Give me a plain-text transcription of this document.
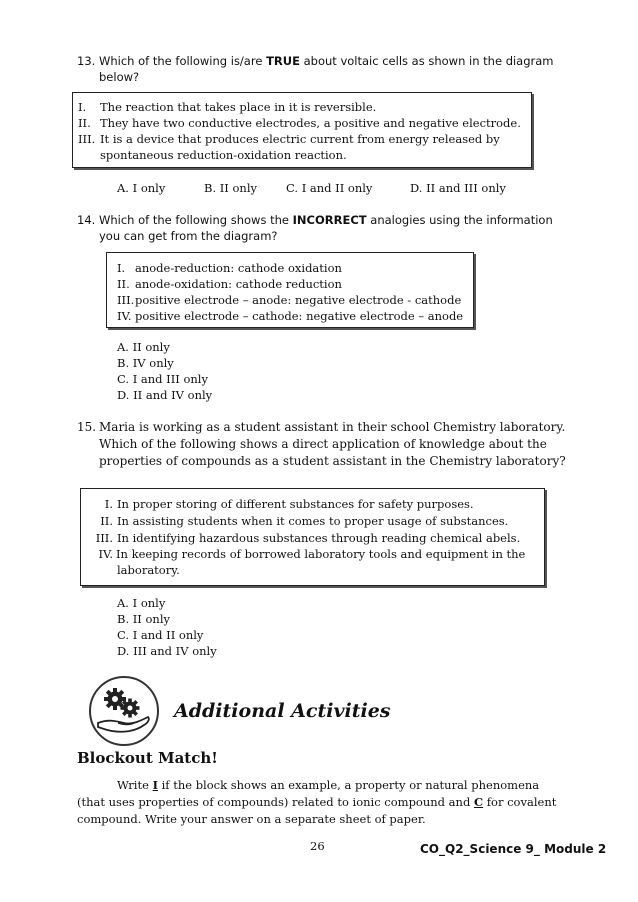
13. Which of the following is/are TRUE about voltaic cells as shown in the diagram
below?
I. The reaction that takes place in it is reversible.
II. They have two conductive electrodes, a positive and negative electrode.
III. It is a device that produces electric current from energy released by
spontaneous reduction-oxidation reaction.
A. I only	B. II only	C. I and II only	D. II and III only
14. Which of the following shows the INCORRECT analogies using the information
you can get from the diagram?
I. anode-reduction: cathode oxidation
II. anode-oxidation: cathode reduction
III. positive electrode – anode: negative electrode - cathode
IV. positive electrode – cathode: negative electrode – anode
A. II only
B. IV only
C. I and III only
D. II and IV only
15. Maria is working as a student assistant in their school Chemistry laboratory.
Which of the following shows a direct application of knowledge about the
properties of compounds as a student assistant in the Chemistry laboratory?
I. In proper storing of different substances for safety purposes.
II. In assisting students when it comes to proper usage of substances.
III. In identifying hazardous substances through reading chemical abels.
IV. In keeping records of borrowed laboratory tools and equipment in the
laboratory.
A. I only
B. II only
C. I and II only
D. III and IV only
Additional Activities
Blockout Match!
Write I if the block shows an example, a property or natural phenomena
(that uses properties of compounds) related to ionic compound and C for covalent
compound. Write your answer on a separate sheet of paper.
26	CO_Q2_Science 9_ Module 2
